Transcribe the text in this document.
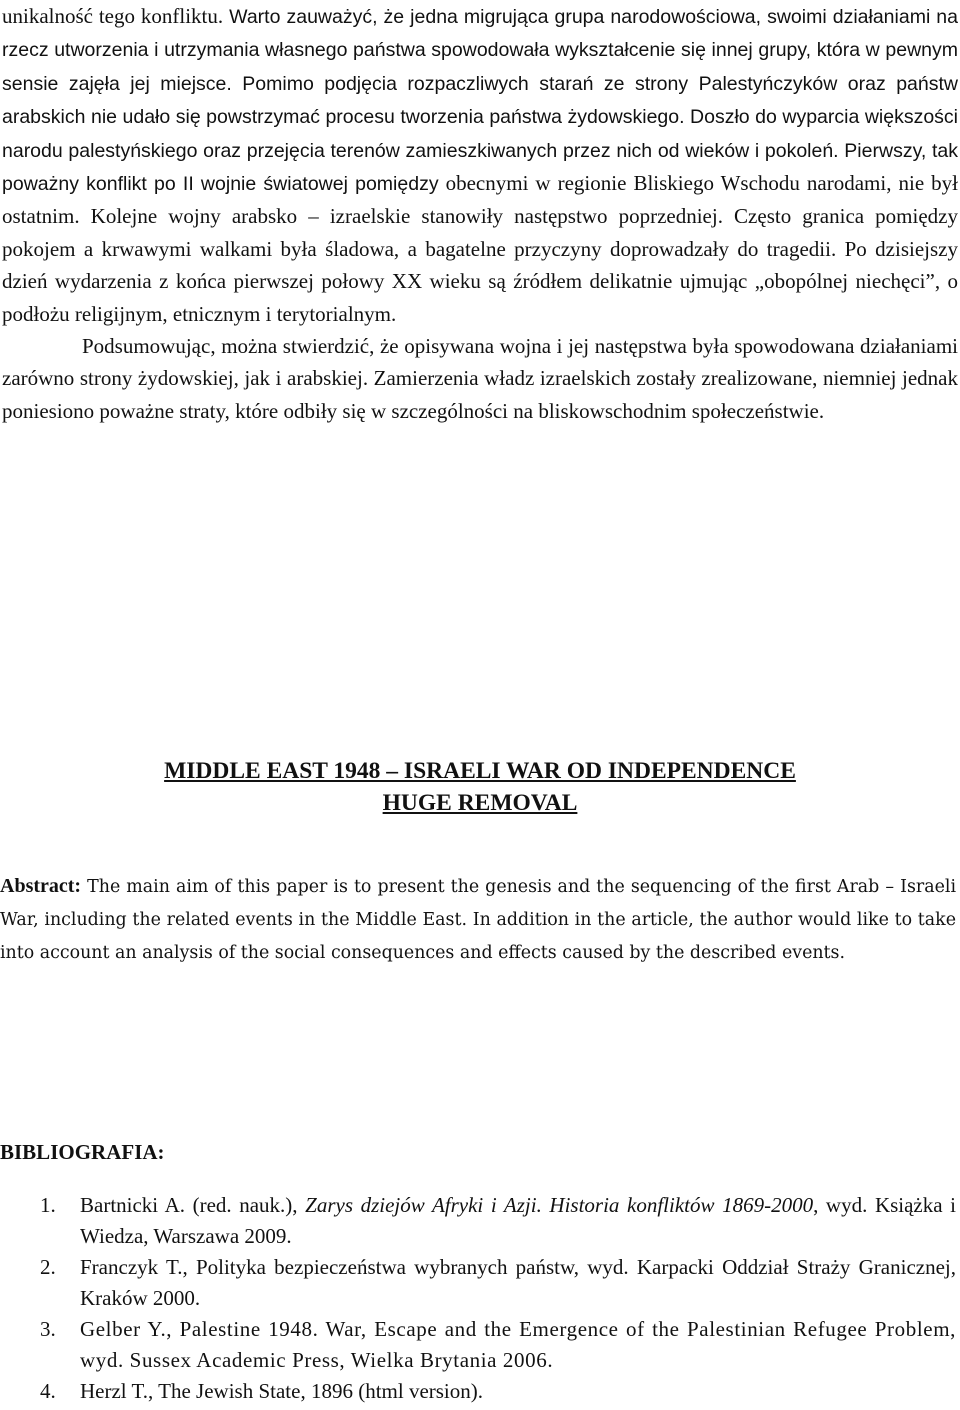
unikalność tego konfliktu. Warto zauważyć, że jedna migrująca grupa narodowościowa, swoimi działaniami na rzecz utworzenia i utrzymania własnego państwa spowodowała wykształcenie się innej grupy, która w pewnym sensie zajęła jej miejsce. Pomimo podjęcia rozpaczliwych starań ze strony Palestyńczyków oraz państw arabskich nie udało się powstrzymać procesu tworzenia państwa żydowskiego. Doszło do wyparcia większości narodu palestyńskiego oraz przejęcia terenów zamieszkiwanych przez nich od wieków i pokoleń. Pierwszy, tak poważny konflikt po II wojnie światowej pomiędzy obecnymi w regionie Bliskiego Wschodu narodami, nie był ostatnim. Kolejne wojny arabsko – izraelskie stanowiły następstwo poprzedniej. Często granica pomiędzy pokojem a krwawymi walkami była śladowa, a bagatelne przyczyny doprowadzały do tragedii. Po dzisiejszy dzień wydarzenia z końca pierwszej połowy XX wieku są źródłem delikatnie ujmując „obopólnej niechęci”, o podłożu religijnym, etnicznym i terytorialnym.

Podsumowując, można stwierdzić, że opisywana wojna i jej następstwa była spowodowana działaniami zarówno strony żydowskiej, jak i arabskiej. Zamierzenia władz izraelskich zostały zrealizowane, niemniej jednak poniesiono poważne straty, które odbiły się w szczególności na bliskowschodnim społeczeństwie.

MIDDLE EAST 1948 – ISRAELI WAR OD INDEPENDENCE
HUGE REMOVAL

Abstract: The main aim of this paper is to present the genesis and the sequencing of the first Arab – Israeli War, including the related events in the Middle East. In addition in the article, the author would like to take into account an analysis of the social consequences and effects caused by the described events.

BIBLIOGRAFIA:

1. Bartnicki A. (red. nauk.), Zarys dziejów Afryki i Azji. Historia konfliktów 1869-2000, wyd. Książka i Wiedza, Warszawa 2009.
2. Franczyk T., Polityka bezpieczeństwa wybranych państw, wyd. Karpacki Oddział Straży Granicznej, Kraków 2000.
3. Gelber Y., Palestine 1948. War, Escape and the Emergence of the Palestinian Refugee Problem, wyd. Sussex Academic Press, Wielka Brytania 2006.
4. Herzl T., The Jewish State, 1896 (html version).
